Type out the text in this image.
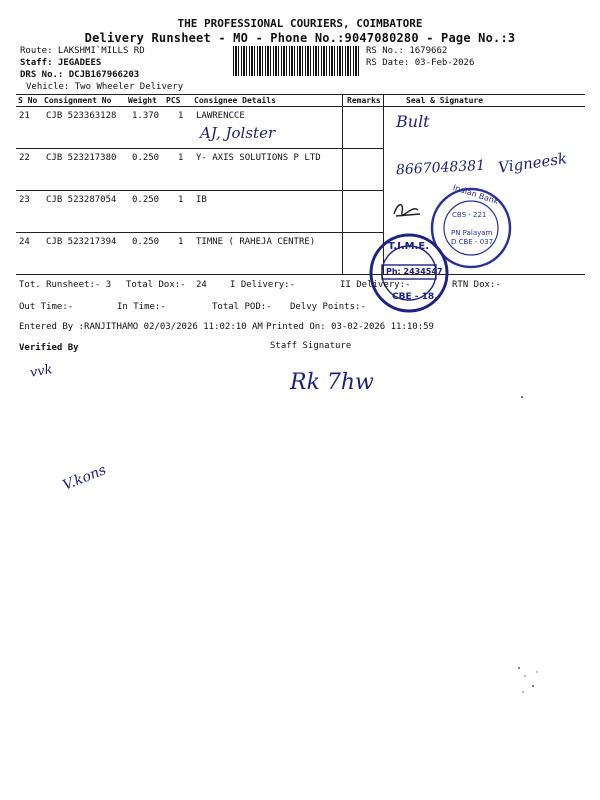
THE PROFESSIONAL COURIERS, COIMBATORE
Delivery Runsheet - MO - Phone No.:9047080280 - Page No.:3
Route: LAKSHMI`MILLS RD
Staff: JEGADEES
DRS No.: DCJB167966203
Vehicle: Two Wheeler Delivery
RS No.: 1679662
RS Date: 03-Feb-2026
S No Consignment No Weight PCS Consignee Details	Remarks	Seal & Signature
21 CJB 523363128 1.370 1 LAWRENCCE
22 CJB 523217380 0.250 1 Y- AXIS SOLUTIONS P LTD
23 CJB 523287054 0.250 1 IB
24 CJB 523217394 0.250 1 TIMNE ( RAHEJA CENTRE)
AJ, Jolster
Bult
8667048381 Vigneesk
Indian Bank
CBS - 221
PN Palayam
D CBE - 037
T.I.M.E.
Ph: 2434547
CBE - 18.
Tot. Runsheet:- 3 Total Dox:- 24	I Delivery:-	II Delivery:-	RTN Dox:-
Out Time:-	In Time:-	Total POD:- Delvy Points:-
Entered By :RANJITHAMO 02/03/2026 11:02:10 AM Printed On: 03-02-2026 11:10:59
Verified By	Staff Signature
vvk	Rk 7hw
V.kons
